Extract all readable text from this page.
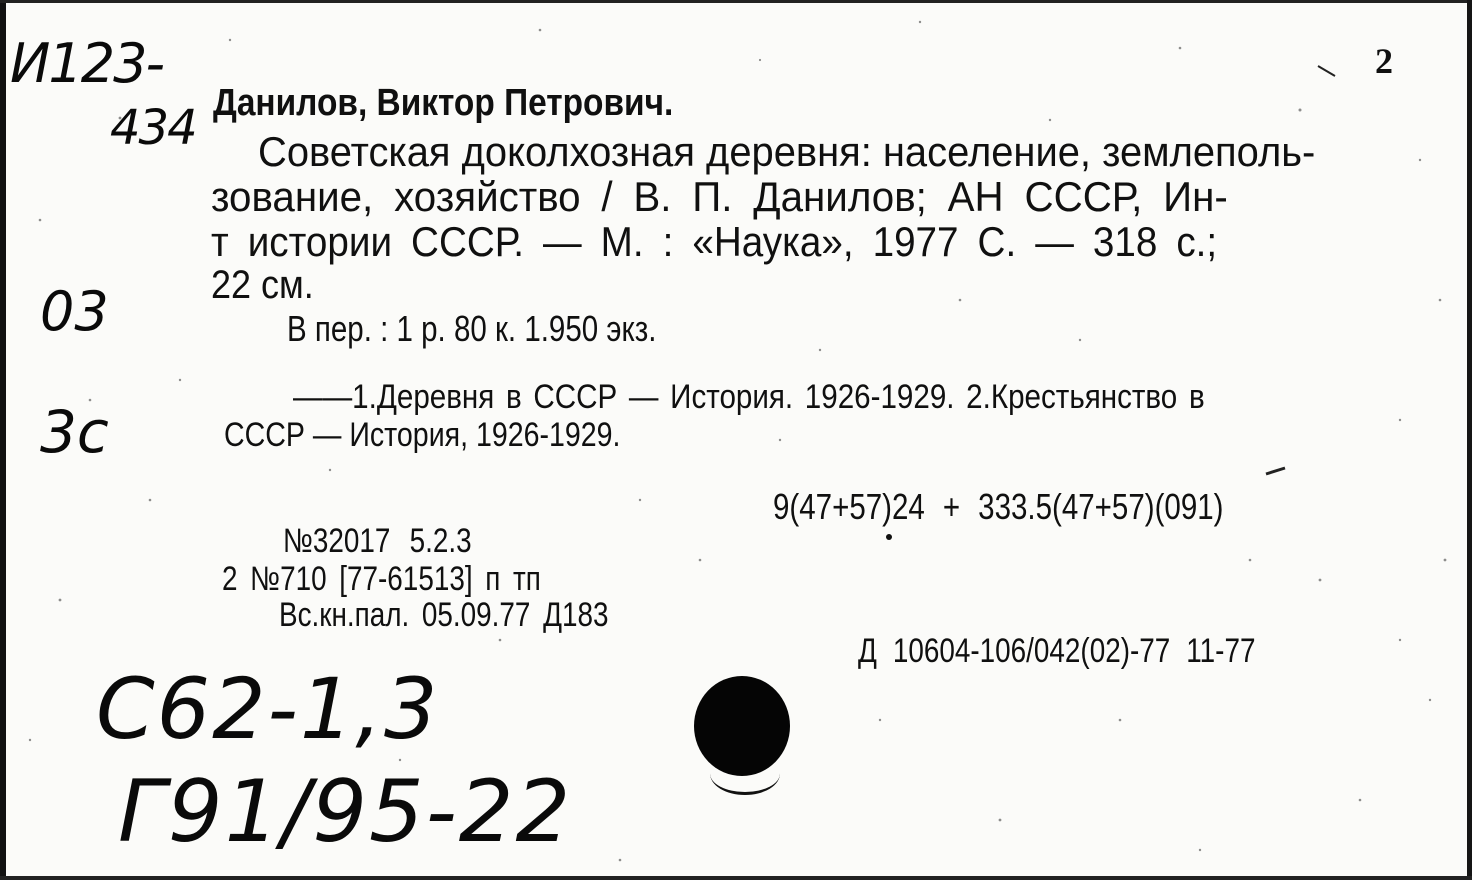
И123-
434
03
3c
2
Данилов, Виктор Петрович.
Советская доколхозная деревня: население, землеполь-
зование, хозяйство / В. П. Данилов; АН СССР, Ин-
т истории СССР. — М. : «Наука», 1977 С. — 318 с.;
22 см.
В пер. : 1 р. 80 к. 1.950 экз.
——1.Деревня в СССР — История. 1926-1929. 2.Крестьянство в
СССР — История, 1926-1929.
9(47+57)24 + 333.5(47+57)(091)
№32017 5.2.3
2 №710 [77-61513] п тп
Вс.кн.пал. 05.09.77 Д183
Д 10604-106/042(02)-77 11-77
С62-1,3
Г91/95-22
